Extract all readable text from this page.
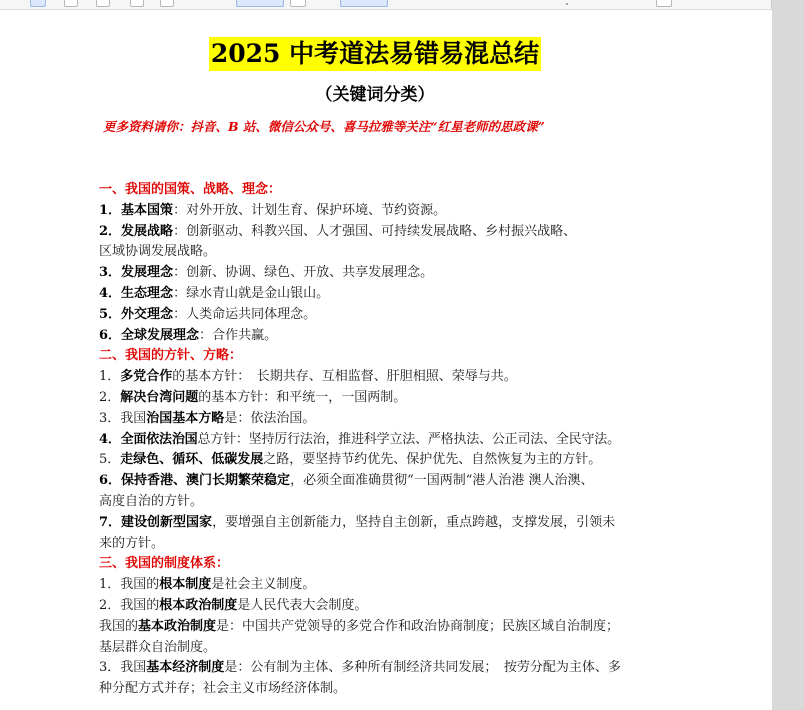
2025 中考道法易错易混总结
（关键词分类）
更多资料请你：抖音、B 站、微信公众号、喜马拉雅等关注“红星老师的思政课”
一、我国的国策、战略、理念：
1．基本国策：对外开放、计划生育、保护环境、节约资源。
2．发展战略：创新驱动、科教兴国、人才强国、可持续发展战略、乡村振兴战略、
区域协调发展战略。
3．发展理念：创新、协调、绿色、开放、共享发展理念。
4．生态理念：绿水青山就是金山银山。
5．外交理念：人类命运共同体理念。
6．全球发展理念：合作共赢。
二、我国的方针、方略：
1．多党合作的基本方针：　长期共存、互相监督、肝胆相照、荣辱与共。
2．解决台湾问题的基本方针：和平统一，一国两制。
3．我国治国基本方略是：依法治国。
4．全面依法治国总方针：坚持厉行法治，推进科学立法、严格执法、公正司法、全民守法。
5．走绿色、循环、低碳发展之路，要坚持节约优先、保护优先、自然恢复为主的方针。
6．保持香港、澳门长期繁荣稳定，必须全面准确贯彻“一国两制“港人治港 澳人治澳、
高度自治的方针。
7．建设创新型国家，要增强自主创新能力，坚持自主创新，重点跨越，支撑发展，引领未
来的方针。
三、我国的制度体系：
1．我国的根本制度是社会主义制度。
2．我国的根本政治制度是人民代表大会制度。
我国的基本政治制度是：中国共产党领导的多党合作和政治协商制度；民族区域自治制度；
基层群众自治制度。
3．我国基本经济制度是：公有制为主体、多种所有制经济共同发展；　按劳分配为主体、多
种分配方式并存；社会主义市场经济体制。
